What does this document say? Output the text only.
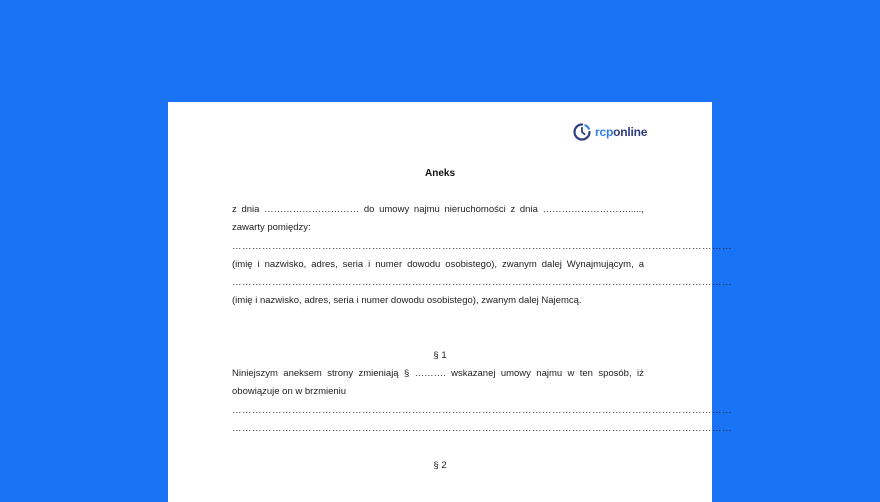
rcponline
Aneks
z dnia ………………………… do umowy najmu nieruchomości z dnia ……………………….....,
zawarty pomiędzy:
……………………………………………………………………………………………………………………………………
(imię i nazwisko, adres, seria i numer dowodu osobistego), zwanym dalej Wynajmującym, a
……………………………………………………………………………………………………………………………………
(imię i nazwisko, adres, seria i numer dowodu osobistego), zwanym dalej Najemcą.
§ 1
Niniejszym aneksem strony zmieniają § ………. wskazanej umowy najmu w ten sposób, iż
obowiązuje on w brzmieniu
……………………………………………………………………………………………………………………………………
……………………………………………………………………………………………………………………………………
§ 2
